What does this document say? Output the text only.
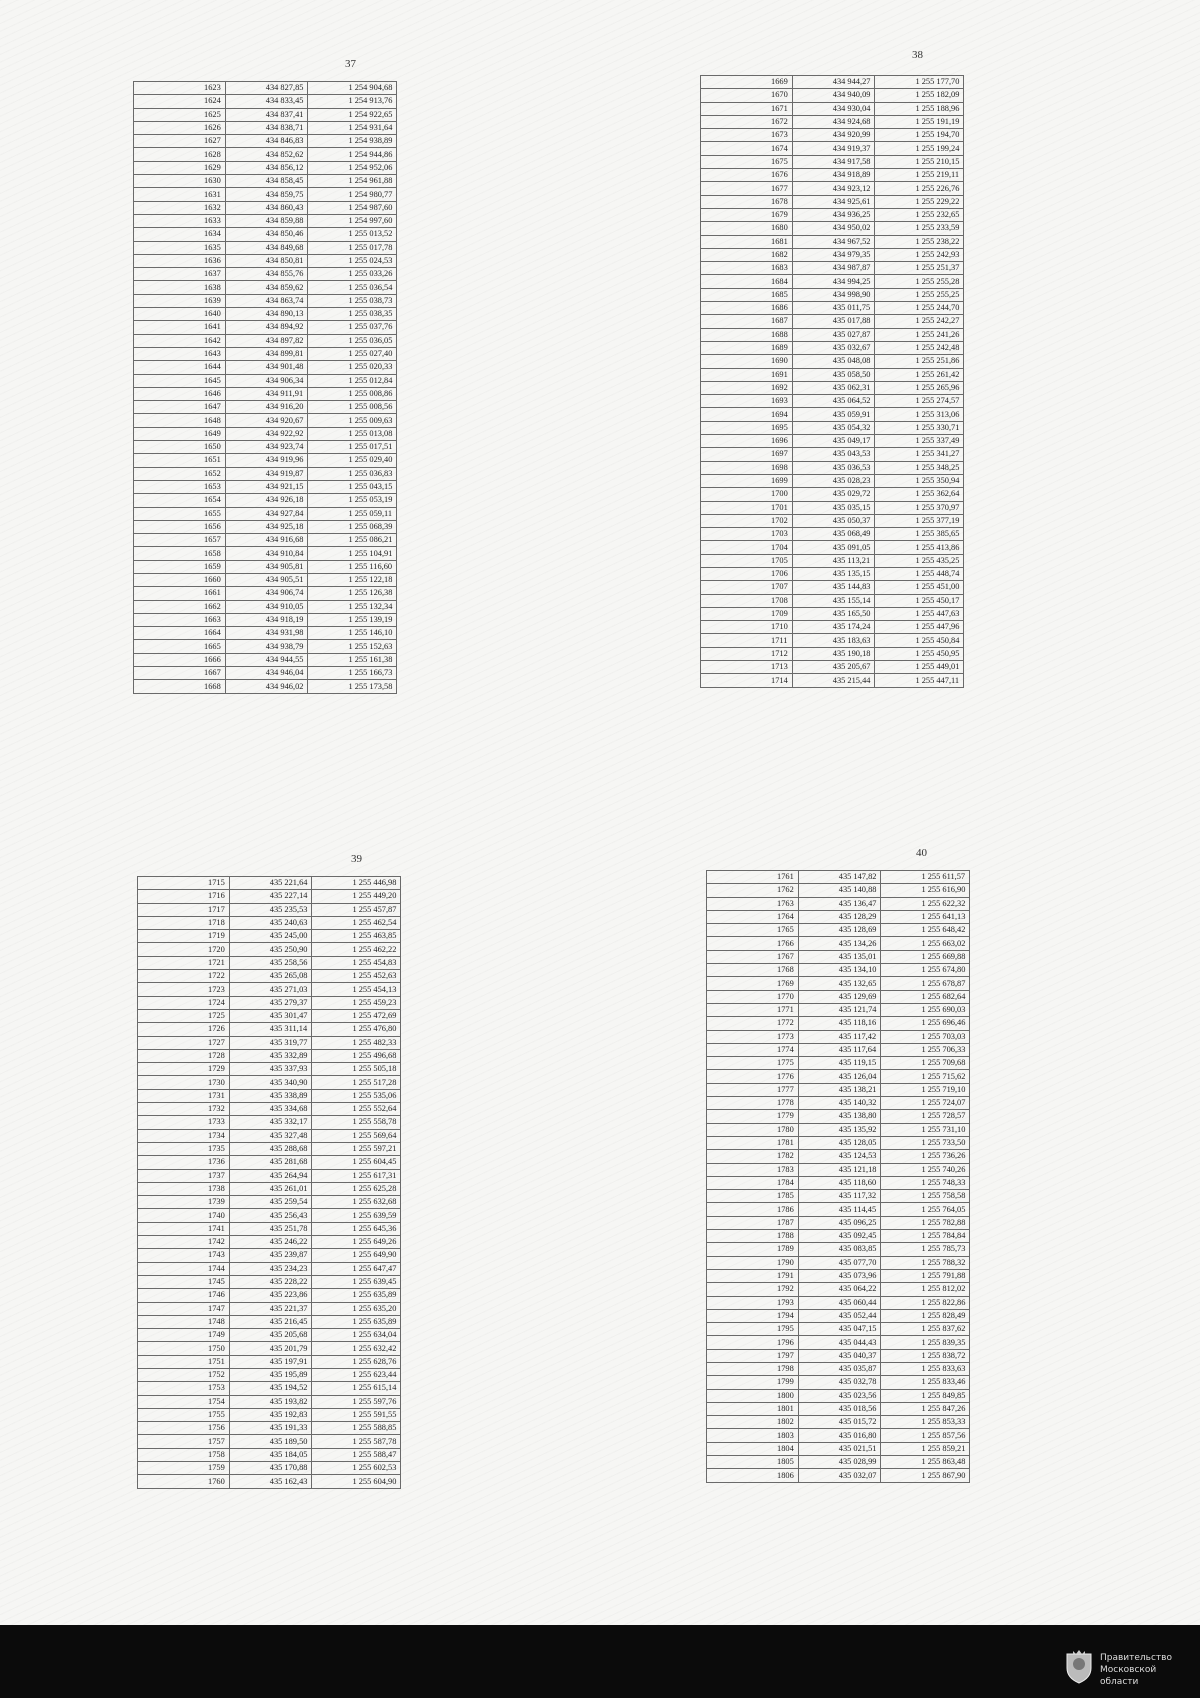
37
1623	434 827,85	1 254 904,68
1624	434 833,45	1 254 913,76
1625	434 837,41	1 254 922,65
1626	434 838,71	1 254 931,64
1627	434 846,83	1 254 938,89
1628	434 852,62	1 254 944,86
1629	434 856,12	1 254 952,06
1630	434 858,45	1 254 961,88
1631	434 859,75	1 254 980,77
1632	434 860,43	1 254 987,60
1633	434 859,88	1 254 997,60
1634	434 850,46	1 255 013,52
1635	434 849,68	1 255 017,78
1636	434 850,81	1 255 024,53
1637	434 855,76	1 255 033,26
1638	434 859,62	1 255 036,54
1639	434 863,74	1 255 038,73
1640	434 890,13	1 255 038,35
1641	434 894,92	1 255 037,76
1642	434 897,82	1 255 036,05
1643	434 899,81	1 255 027,40
1644	434 901,48	1 255 020,33
1645	434 906,34	1 255 012,84
1646	434 911,91	1 255 008,86
1647	434 916,20	1 255 008,56
1648	434 920,67	1 255 009,63
1649	434 922,92	1 255 013,08
1650	434 923,74	1 255 017,51
1651	434 919,96	1 255 029,40
1652	434 919,87	1 255 036,83
1653	434 921,15	1 255 043,15
1654	434 926,18	1 255 053,19
1655	434 927,84	1 255 059,11
1656	434 925,18	1 255 068,39
1657	434 916,68	1 255 086,21
1658	434 910,84	1 255 104,91
1659	434 905,81	1 255 116,60
1660	434 905,51	1 255 122,18
1661	434 906,74	1 255 126,38
1662	434 910,05	1 255 132,34
1663	434 918,19	1 255 139,19
1664	434 931,98	1 255 146,10
1665	434 938,79	1 255 152,63
1666	434 944,55	1 255 161,38
1667	434 946,04	1 255 166,73
1668	434 946,02	1 255 173,58
38
1669	434 944,27	1 255 177,70
1670	434 940,09	1 255 182,09
1671	434 930,04	1 255 188,96
1672	434 924,68	1 255 191,19
1673	434 920,99	1 255 194,70
1674	434 919,37	1 255 199,24
1675	434 917,58	1 255 210,15
1676	434 918,89	1 255 219,11
1677	434 923,12	1 255 226,76
1678	434 925,61	1 255 229,22
1679	434 936,25	1 255 232,65
1680	434 950,02	1 255 233,59
1681	434 967,52	1 255 238,22
1682	434 979,35	1 255 242,93
1683	434 987,87	1 255 251,37
1684	434 994,25	1 255 255,28
1685	434 998,90	1 255 255,25
1686	435 011,75	1 255 244,70
1687	435 017,88	1 255 242,27
1688	435 027,87	1 255 241,26
1689	435 032,67	1 255 242,48
1690	435 048,08	1 255 251,86
1691	435 058,50	1 255 261,42
1692	435 062,31	1 255 265,96
1693	435 064,52	1 255 274,57
1694	435 059,91	1 255 313,06
1695	435 054,32	1 255 330,71
1696	435 049,17	1 255 337,49
1697	435 043,53	1 255 341,27
1698	435 036,53	1 255 348,25
1699	435 028,23	1 255 350,94
1700	435 029,72	1 255 362,64
1701	435 035,15	1 255 370,97
1702	435 050,37	1 255 377,19
1703	435 068,49	1 255 385,65
1704	435 091,05	1 255 413,86
1705	435 113,21	1 255 435,25
1706	435 135,15	1 255 448,74
1707	435 144,83	1 255 451,00
1708	435 155,14	1 255 450,17
1709	435 165,50	1 255 447,63
1710	435 174,24	1 255 447,96
1711	435 183,63	1 255 450,84
1712	435 190,18	1 255 450,95
1713	435 205,67	1 255 449,01
1714	435 215,44	1 255 447,11
39
1715	435 221,64	1 255 446,98
1716	435 227,14	1 255 449,20
1717	435 235,53	1 255 457,87
1718	435 240,63	1 255 462,54
1719	435 245,00	1 255 463,85
1720	435 250,90	1 255 462,22
1721	435 258,56	1 255 454,83
1722	435 265,08	1 255 452,63
1723	435 271,03	1 255 454,13
1724	435 279,37	1 255 459,23
1725	435 301,47	1 255 472,69
1726	435 311,14	1 255 476,80
1727	435 319,77	1 255 482,33
1728	435 332,89	1 255 496,68
1729	435 337,93	1 255 505,18
1730	435 340,90	1 255 517,28
1731	435 338,89	1 255 535,06
1732	435 334,68	1 255 552,64
1733	435 332,17	1 255 558,78
1734	435 327,48	1 255 569,64
1735	435 288,68	1 255 597,21
1736	435 281,68	1 255 604,45
1737	435 264,94	1 255 617,31
1738	435 261,01	1 255 625,28
1739	435 259,54	1 255 632,68
1740	435 256,43	1 255 639,59
1741	435 251,78	1 255 645,36
1742	435 246,22	1 255 649,26
1743	435 239,87	1 255 649,90
1744	435 234,23	1 255 647,47
1745	435 228,22	1 255 639,45
1746	435 223,86	1 255 635,89
1747	435 221,37	1 255 635,20
1748	435 216,45	1 255 635,89
1749	435 205,68	1 255 634,04
1750	435 201,79	1 255 632,42
1751	435 197,91	1 255 628,76
1752	435 195,89	1 255 623,44
1753	435 194,52	1 255 615,14
1754	435 193,82	1 255 597,76
1755	435 192,83	1 255 591,55
1756	435 191,33	1 255 588,85
1757	435 189,50	1 255 587,78
1758	435 184,05	1 255 588,47
1759	435 170,88	1 255 602,53
1760	435 162,43	1 255 604,90
40
1761	435 147,82	1 255 611,57
1762	435 140,88	1 255 616,90
1763	435 136,47	1 255 622,32
1764	435 128,29	1 255 641,13
1765	435 128,69	1 255 648,42
1766	435 134,26	1 255 663,02
1767	435 135,01	1 255 669,88
1768	435 134,10	1 255 674,80
1769	435 132,65	1 255 678,87
1770	435 129,69	1 255 682,64
1771	435 121,74	1 255 690,03
1772	435 118,16	1 255 696,46
1773	435 117,42	1 255 703,03
1774	435 117,64	1 255 706,33
1775	435 119,15	1 255 709,68
1776	435 126,04	1 255 715,62
1777	435 138,21	1 255 719,10
1778	435 140,32	1 255 724,07
1779	435 138,80	1 255 728,57
1780	435 135,92	1 255 731,10
1781	435 128,05	1 255 733,50
1782	435 124,53	1 255 736,26
1783	435 121,18	1 255 740,26
1784	435 118,60	1 255 748,33
1785	435 117,32	1 255 758,58
1786	435 114,45	1 255 764,05
1787	435 096,25	1 255 782,88
1788	435 092,45	1 255 784,84
1789	435 083,85	1 255 785,73
1790	435 077,70	1 255 788,32
1791	435 073,96	1 255 791,88
1792	435 064,22	1 255 812,02
1793	435 060,44	1 255 822,86
1794	435 052,44	1 255 828,49
1795	435 047,15	1 255 837,62
1796	435 044,43	1 255 839,35
1797	435 040,37	1 255 838,72
1798	435 035,87	1 255 833,63
1799	435 032,78	1 255 833,46
1800	435 023,56	1 255 849,85
1801	435 018,56	1 255 847,26
1802	435 015,72	1 255 853,33
1803	435 016,80	1 255 857,56
1804	435 021,51	1 255 859,21
1805	435 028,99	1 255 863,48
1806	435 032,07	1 255 867,90
Правительство
Московской области
